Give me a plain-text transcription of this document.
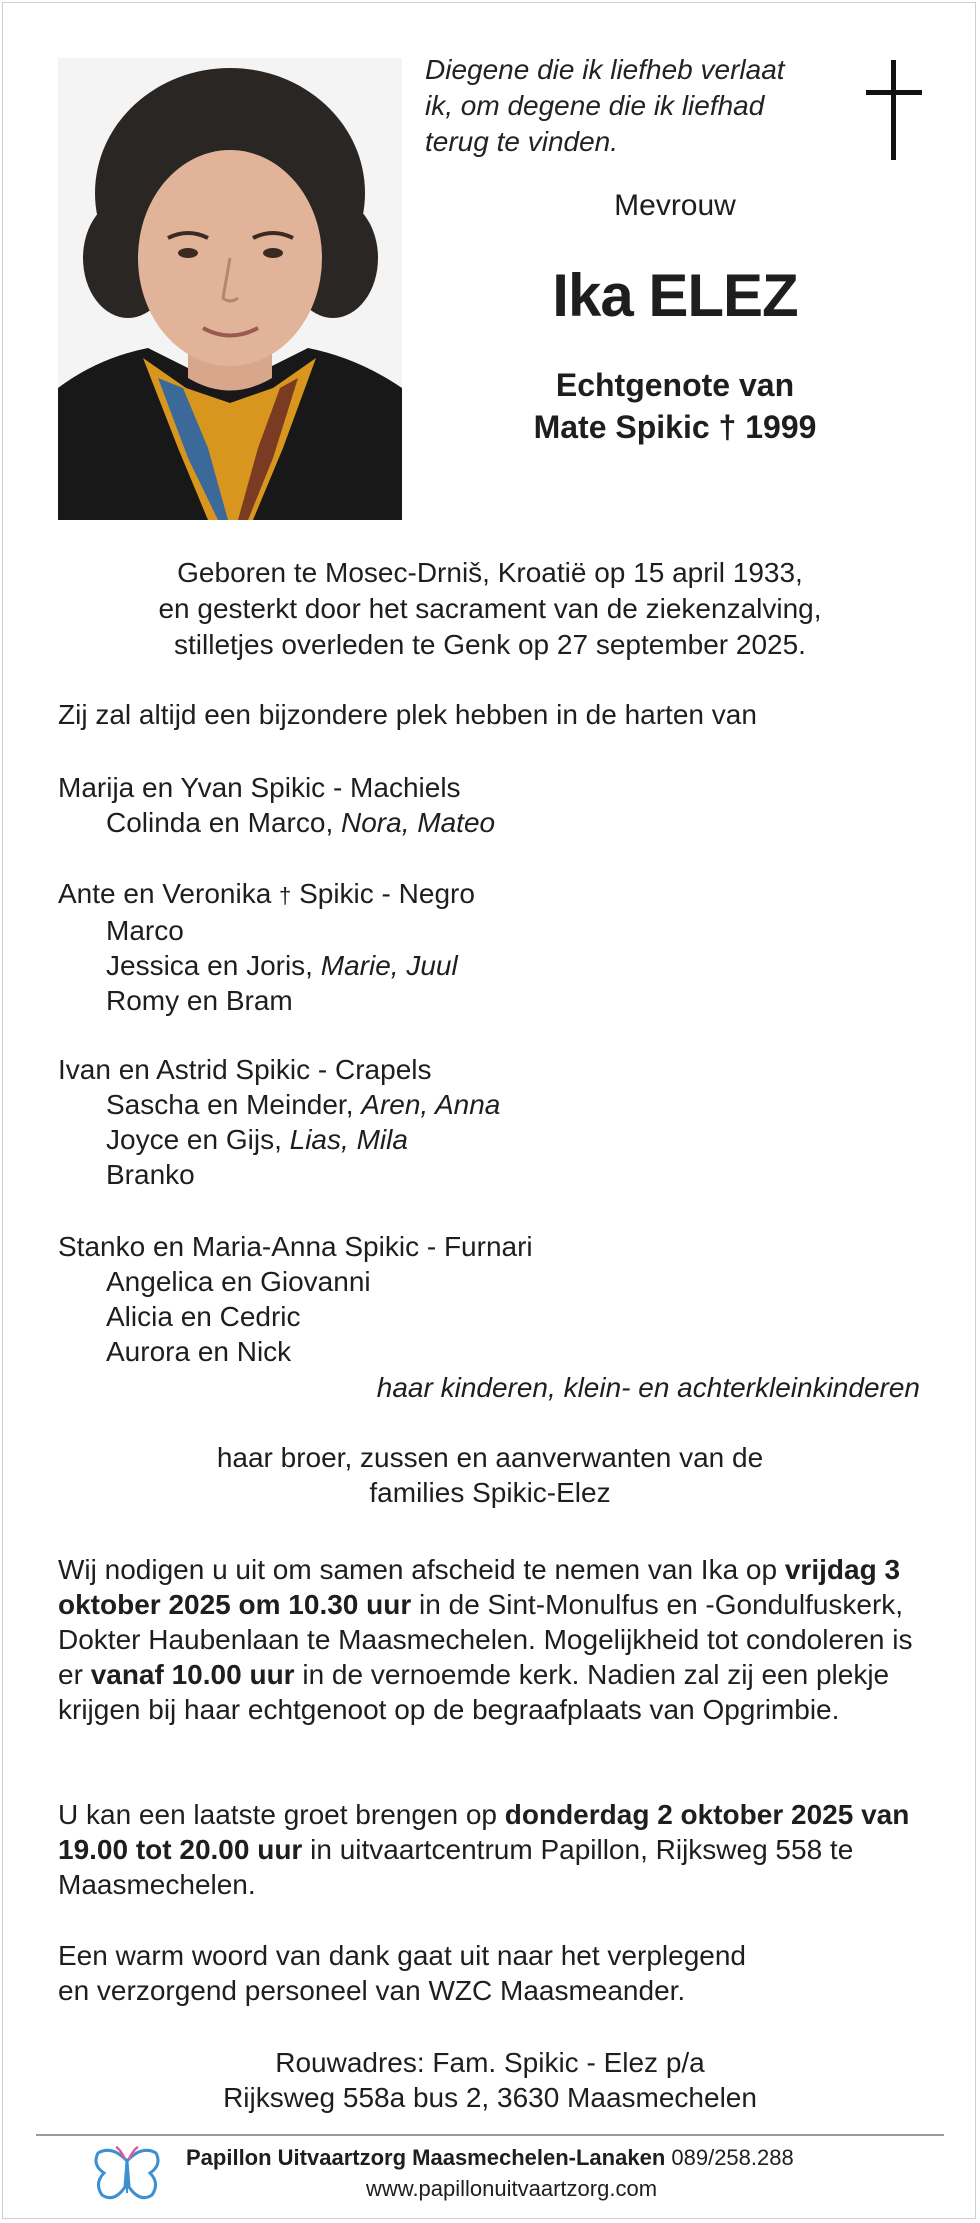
Diegene die ik liefheb verlaat
ik, om degene die ik liefhad
terug te vinden.
Mevrouw
Ika ELEZ
Echtgenote van
Mate Spikic † 1999
Geboren te Mosec-Drniš, Kroatië op 15 april 1933,
en gesterkt door het sacrament van de ziekenzalving,
stilletjes overleden te Genk op 27 september 2025.
Zij zal altijd een bijzondere plek hebben in de harten van
Marija en Yvan Spikic - Machiels
Colinda en Marco, Nora, Mateo
Ante en Veronika † Spikic - Negro
Marco
Jessica en Joris, Marie, Juul
Romy en Bram
Ivan en Astrid Spikic - Crapels
Sascha en Meinder, Aren, Anna
Joyce en Gijs, Lias, Mila
Branko
Stanko en Maria-Anna Spikic - Furnari
Angelica en Giovanni
Alicia en Cedric
Aurora en Nick
haar kinderen, klein- en achterkleinkinderen
haar broer, zussen en aanverwanten van de
families Spikic-Elez
Wij nodigen u uit om samen afscheid te nemen van Ika op vrijdag 3 oktober 2025 om 10.30 uur in de Sint-Monulfus en -Gondulfuskerk, Dokter Haubenlaan te Maasmechelen. Mogelijkheid tot condoleren is er vanaf 10.00 uur in de vernoemde kerk. Nadien zal zij een plekje krijgen bij haar echtgenoot op de begraafplaats van Opgrimbie.
U kan een laatste groet brengen op donderdag 2 oktober 2025 van 19.00 tot 20.00 uur in uitvaartcentrum Papillon, Rijksweg 558 te Maasmechelen.
Een warm woord van dank gaat uit naar het verplegend
en verzorgend personeel van WZC Maasmeander.
Rouwadres: Fam. Spikic - Elez p/a
Rijksweg 558a bus 2, 3630 Maasmechelen
Papillon Uitvaartzorg Maasmechelen-Lanaken 089/258.288
www.papillonuitvaartzorg.com
